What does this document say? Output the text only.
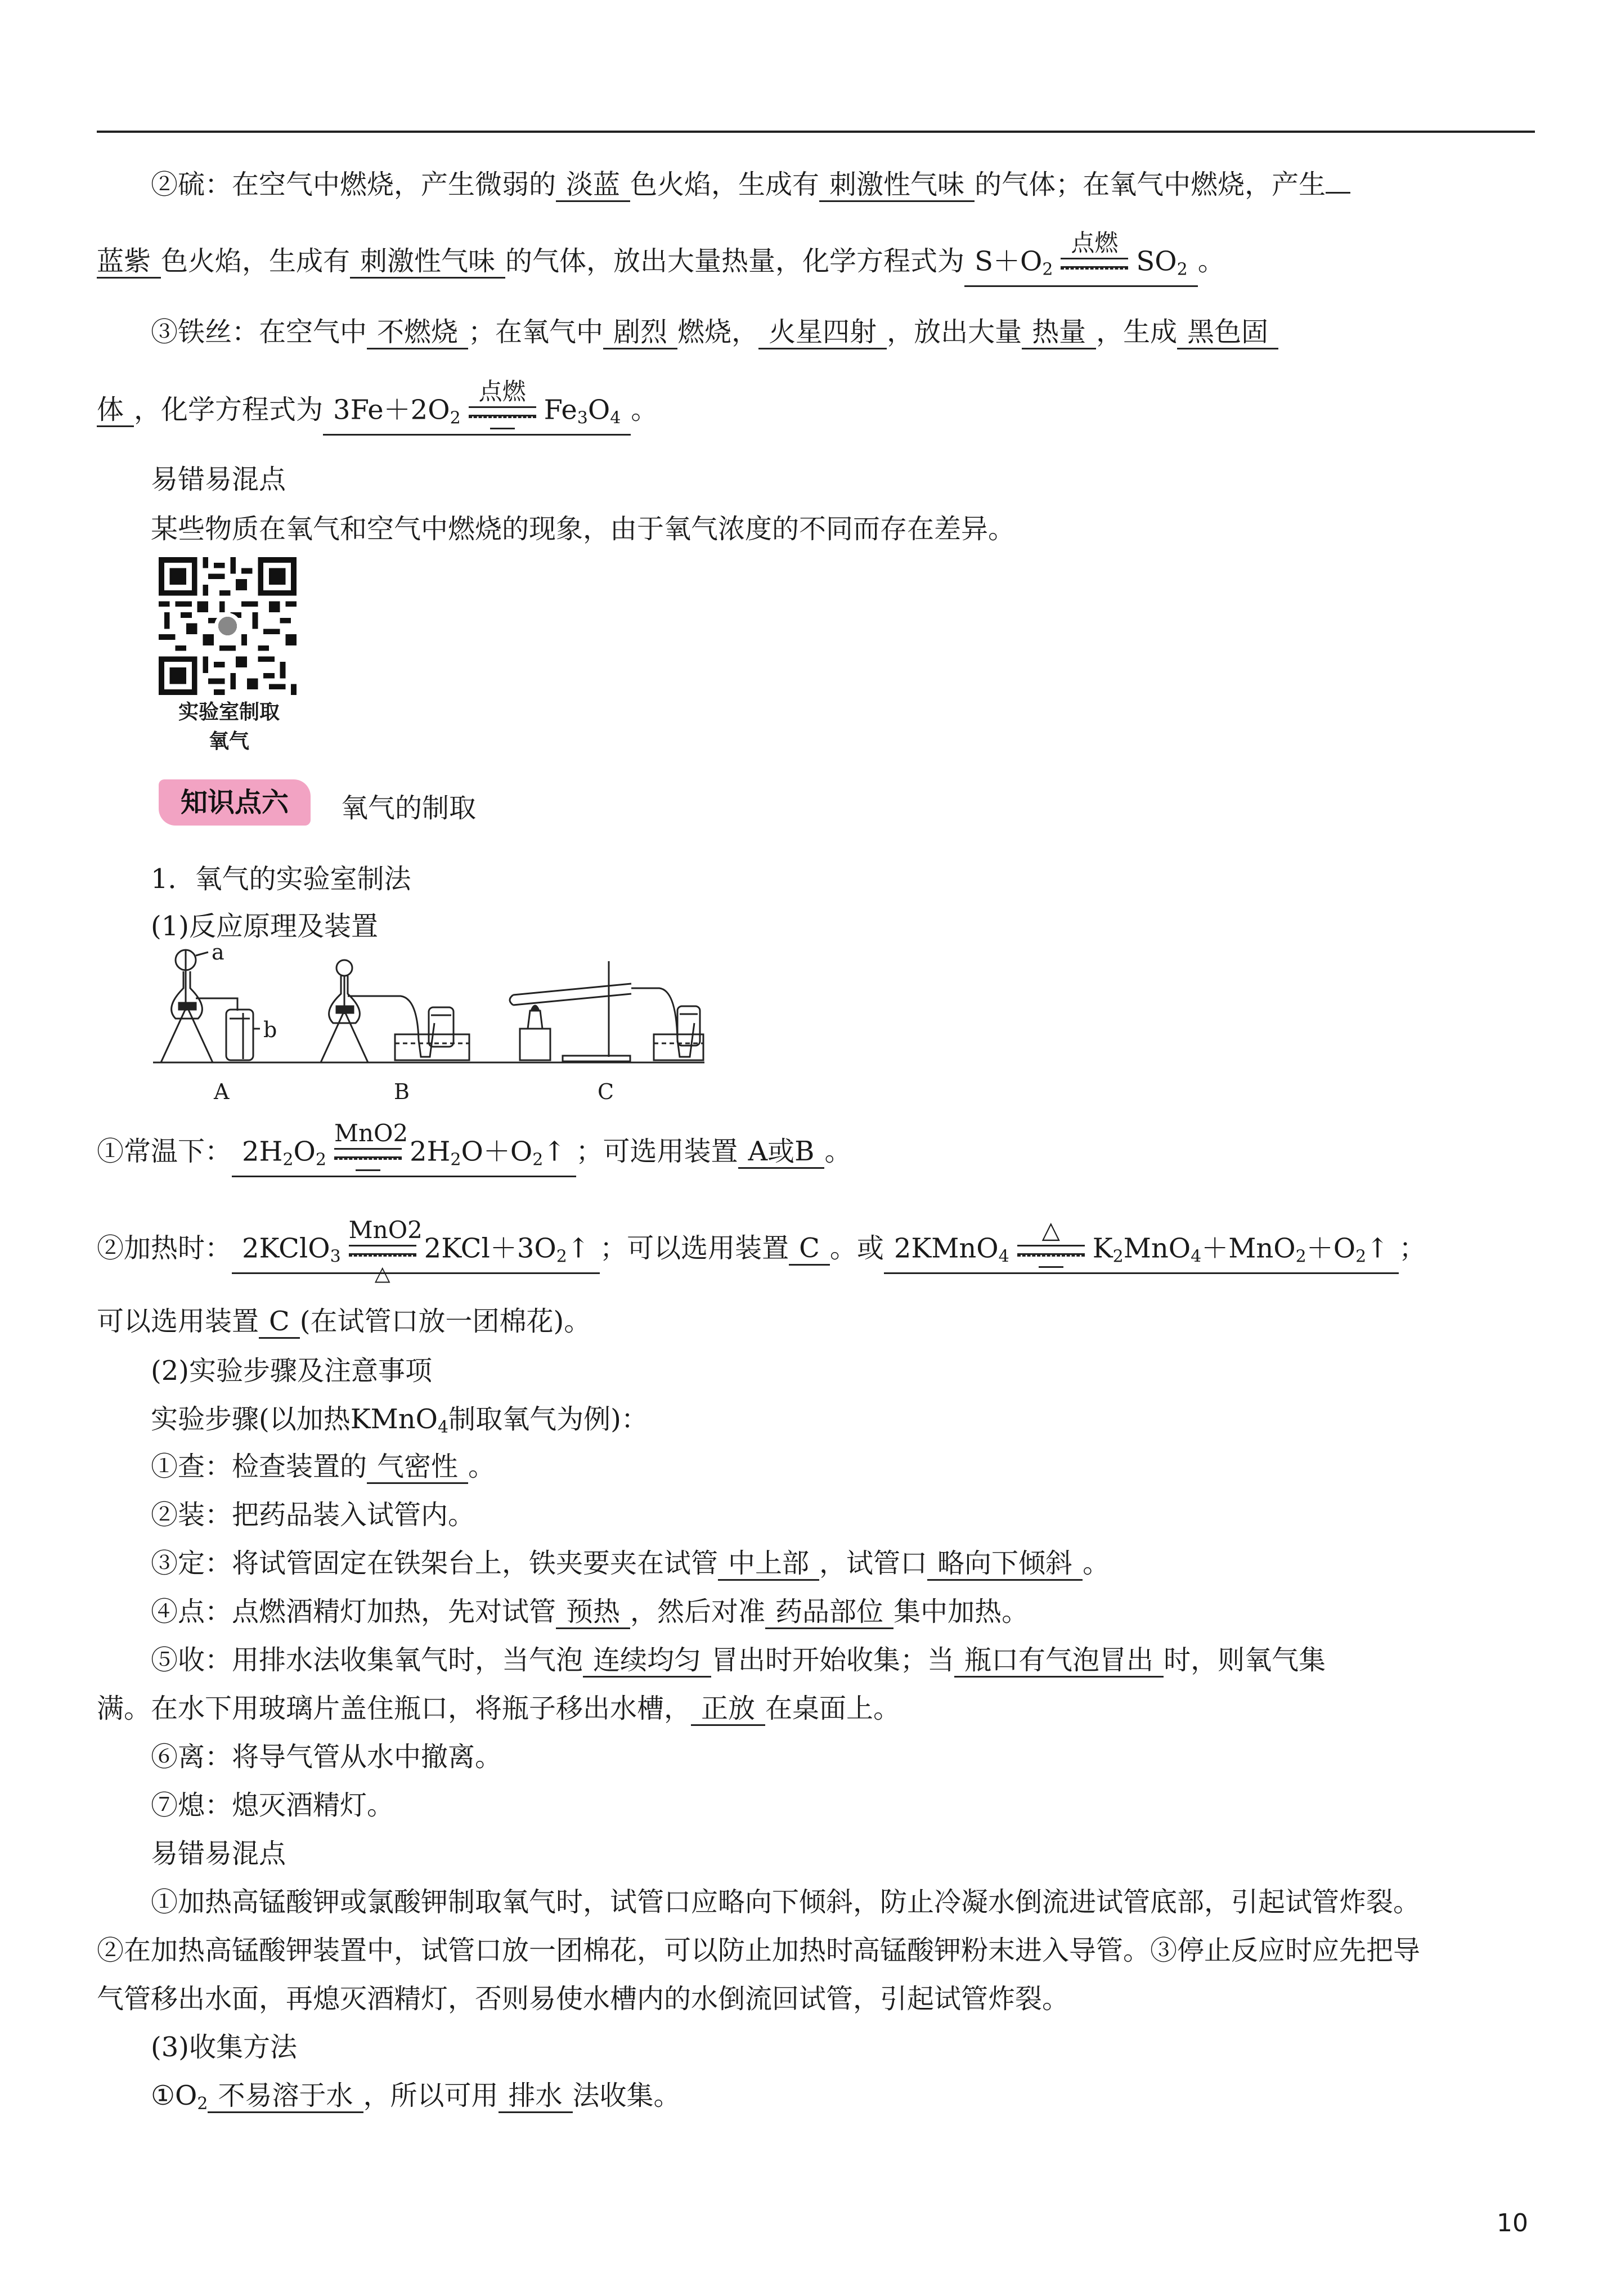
②硫：在空气中燃烧，产生微弱的 淡蓝 色火焰，生成有 刺激性气味 的气体；在氧气中燃烧，产生
蓝紫 色火焰，生成有 刺激性气味 的气体，放出大量热量，化学方程式为 $S+O_2$
点燃
$SO_2$ 。
③铁丝：在空气中 不燃烧 ；在氧气中 剧烈 燃烧， 火星四射 ，放出大量 热量 ，生成 黑色固
体 ，化学方程式为 $3Fe+2O_2$
点燃
$Fe_3O_4$ 。
易错易混点
某些物质在氧气和空气中燃烧的现象，由于氧气浓度的不同而存在差异。
实验室制取
氧气
知识点六	氧气的制取
1．氧气的实验室制法
(1)反应原理及装置
a
b
A	B	C
①常温下： $2H_2O_2$
MnO2
$2H_2O+O_2↑$ ；可选用装置 A或B 。
②加热时： 2KClO$_3$
MnO2
△
$2KCl+3O_2↑$ ；可以选用装置 C 。或 2KMnO$_4$
△
$K_2MnO_4+MnO_2+O_2↑$ ；
可以选用装置 C (在试管口放一团棉花)。
(2)实验步骤及注意事项
实验步骤(以加热KMnO$_4$制取氧气为例)：
①查：检查装置的 气密性 。
②装：把药品装入试管内。
③定：将试管固定在铁架台上，铁夹要夹在试管 中上部 ，试管口 略向下倾斜 。
④点：点燃酒精灯加热，先对试管 预热 ，然后对准 药品部位 集中加热。
⑤收：用排水法收集氧气时，当气泡 连续均匀 冒出时开始收集；当 瓶口有气泡冒出 时，则氧气集
满。在水下用玻璃片盖住瓶口，将瓶子移出水槽， 正放 在桌面上。
⑥离：将导气管从水中撤离。
⑦熄：熄灭酒精灯。
易错易混点
①加热高锰酸钾或氯酸钾制取氧气时，试管口应略向下倾斜，防止冷凝水倒流进试管底部，引起试管炸裂。
②在加热高锰酸钾装置中，试管口放一团棉花，可以防止加热时高锰酸钾粉末进入导管。③停止反应时应先把导
气管移出水面，再熄灭酒精灯，否则易使水槽内的水倒流回试管，引起试管炸裂。
(3)收集方法
$①O_2$ 不易溶于水 ，所以可用 排水 法收集。
10
